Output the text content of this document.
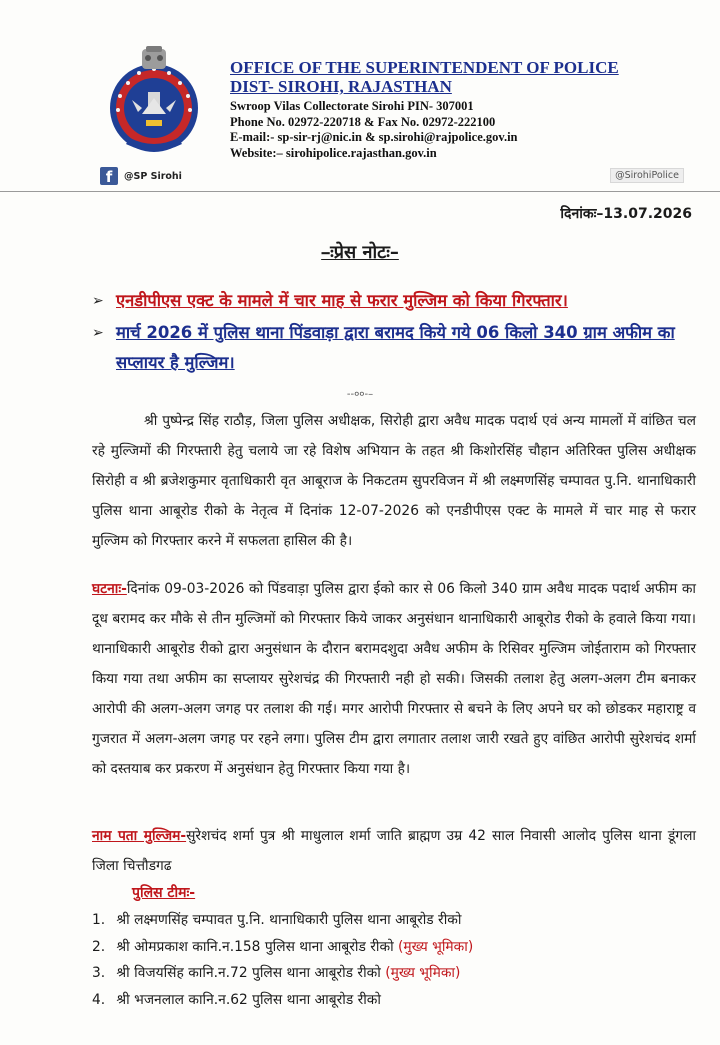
OFFICE OF THE SUPERINTENDENT OF POLICE
DIST- SIROHI, RAJASTHAN
Swroop Vilas Collectorate Sirohi PIN- 307001
Phone No. 02972-220718 & Fax No. 02972-222100
E-mail:- sp-sir-rj@nic.in & sp.sirohi@rajpolice.gov.in
Website:– sirohipolice.rajasthan.gov.in
f	@SP Sirohi	@SirohiPolice
दिनांकः–13.07.2026
–ःप्रेस नोटः–
➢ एनडीपीएस एक्ट के मामले में चार माह से फरार मुल्जिम को किया गिरफ्तार।
➢ मार्च 2026 में पुलिस थाना पिंडवाड़ा द्वारा बरामद किये गये 06 किलो 340 ग्राम अफीम का सप्लायर है मुल्जिम।
--००-–
श्री पुष्पेन्द्र सिंह राठौड़, जिला पुलिस अधीक्षक, सिरोही द्वारा अवैध मादक पदार्थ एवं अन्य मामलों में वांछित चल रहे मुल्जिमों की गिरफ्तारी हेतु चलाये जा रहे विशेष अभियान के तहत श्री किशोरसिंह चौहान अतिरिक्त पुलिस अधीक्षक सिरोही व श्री ब्रजेशकुमार वृताधिकारी वृत आबूराज के निकटतम सुपरविजन में श्री लक्ष्मणसिंह चम्पावत पु.नि. थानाधिकारी पुलिस थाना आबूरोड रीको के नेतृत्व में दिनांक 12-07-2026 को एनडीपीएस एक्ट के मामले में चार माह से फरार मुल्जिम को गिरफ्तार करने में सफलता हासिल की है।
घटनाः-दिनांक 09-03-2026 को पिंडवाड़ा पुलिस द्वारा ईको कार से 06 किलो 340 ग्राम अवैध मादक पदार्थ अफीम का दूध बरामद कर मौके से तीन मुल्जिमों को गिरफ्तार किये जाकर अनुसंधान थानाधिकारी आबूरोड रीको के हवाले किया गया। थानाधिकारी आबूरोड रीको द्वारा अनुसंधान के दौरान बरामदशुदा अवैध अफीम के रिसिवर मुल्जिम जोईताराम को गिरफ्तार किया गया तथा अफीम का सप्लायर सुरेशचंद्र की गिरफ्तारी नही हो सकी। जिसकी तलाश हेतु अलग-अलग टीम बनाकर आरोपी की अलग-अलग जगह पर तलाश की गई। मगर आरोपी गिरफ्तार से बचने के लिए अपने घर को छोडकर महाराष्ट्र व गुजरात में अलग-अलग जगह पर रहने लगा। पुलिस टीम द्वारा लगातार तलाश जारी रखते हुए वांछित आरोपी सुरेशचंद शर्मा को दस्तयाब कर प्रकरण में अनुसंधान हेतु गिरफ्तार किया गया है।
नाम पता मुल्जिम-सुरेशचंद शर्मा पुत्र श्री माधुलाल शर्मा जाति ब्राह्मण उम्र 42 साल निवासी आलोद पुलिस थाना डूंगला जिला चित्तौडगढ
पुलिस टीमः-
1. श्री लक्ष्मणसिंह चम्पावत पु.नि. थानाधिकारी पुलिस थाना आबूरोड रीको
2. श्री ओमप्रकाश कानि.न.158 पुलिस थाना आबूरोड रीको (मुख्य भूमिका)
3. श्री विजयसिंह कानि.न.72 पुलिस थाना आबूरोड रीको (मुख्य भूमिका)
4. श्री भजनलाल कानि.न.62 पुलिस थाना आबूरोड रीको
